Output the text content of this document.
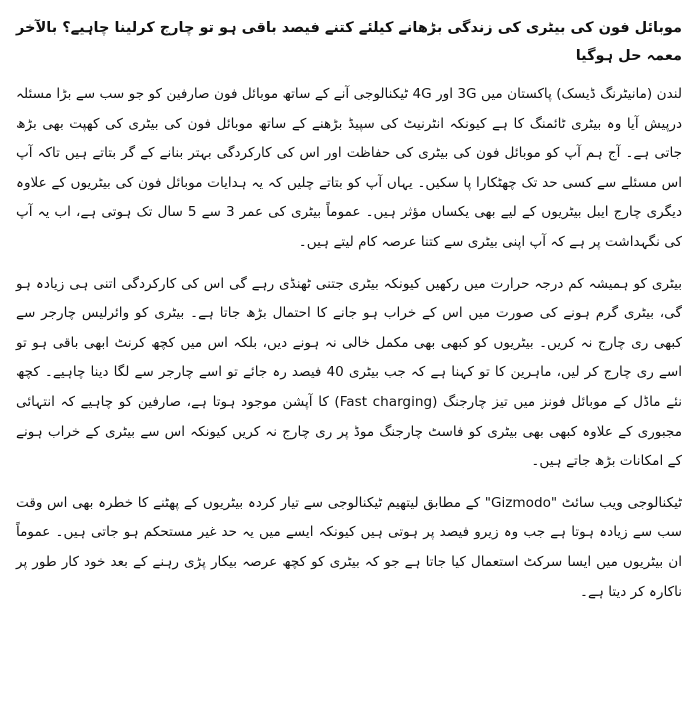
موبائل فون کی بیٹری کی زندگی بڑھانے کیلئے کتنے فیصد باقی ہو تو چارج کرلینا چاہیے؟ بالآخر معمہ حل ہوگیا

لندن (مانیٹرنگ ڈیسک) پاکستان میں 3G اور 4G ٹیکنالوجی آنے کے ساتھ موبائل فون صارفین کو جو سب سے بڑا مسئلہ درپیش آیا وہ بیٹری ٹائمنگ کا ہے کیونکہ انٹرنیٹ کی سپیڈ بڑھنے کے ساتھ موبائل فون کی بیٹری کی کھپت بھی بڑھ جاتی ہے۔ آج ہم آپ کو موبائل فون کی بیٹری کی حفاظت اور اس کی کارکردگی بہتر بنانے کے گر بتاتے ہیں تاکہ آپ اس مسئلے سے کسی حد تک چھٹکارا پا سکیں۔ یہاں آپ کو بتاتے چلیں کہ یہ ہدایات موبائل فون کی بیٹریوں کے علاوہ دیگری چارج ایبل بیٹریوں کے لیے بھی یکساں مؤثر ہیں۔ عموماً بیٹری کی عمر 3 سے 5 سال تک ہوتی ہے، اب یہ آپ کی نگہداشت پر ہے کہ آپ اپنی بیٹری سے کتنا عرصہ کام لیتے ہیں۔

بیٹری کو ہمیشہ کم درجہ حرارت میں رکھیں کیونکہ بیٹری جتنی ٹھنڈی رہے گی اس کی کارکردگی اتنی ہی زیادہ ہو گی، بیٹری گرم ہونے کی صورت میں اس کے خراب ہو جانے کا احتمال بڑھ جاتا ہے۔ بیٹری کو وائرلیس چارجر سے کبھی ری چارج نہ کریں۔ بیٹریوں کو کبھی بھی مکمل خالی نہ ہونے دیں، بلکہ اس میں کچھ کرنٹ ابھی باقی ہو تو اسے ری چارج کر لیں، ماہرین کا تو کہنا ہے کہ جب بیٹری 40 فیصد رہ جائے تو اسے چارجر سے لگا دینا چاہیے۔ کچھ نئے ماڈل کے موبائل فونز میں تیز چارجنگ (Fast charging) کا آپشن موجود ہوتا ہے، صارفین کو چاہیے کہ انتہائی مجبوری کے علاوہ کبھی بھی بیٹری کو فاسٹ چارجنگ موڈ پر ری چارج نہ کریں کیونکہ اس سے بیٹری کے خراب ہونے کے امکانات بڑھ جاتے ہیں۔

ٹیکنالوجی ویب سائٹ "Gizmodo" کے مطابق لیتھیم ٹیکنالوجی سے تیار کردہ بیٹریوں کے پھٹنے کا خطرہ بھی اس وقت سب سے زیادہ ہوتا ہے جب وہ زیرو فیصد پر ہوتی ہیں کیونکہ ایسے میں یہ حد غیر مستحکم ہو جاتی ہیں۔ عموماً ان بیٹریوں میں ایسا سرکٹ استعمال کیا جاتا ہے جو کہ بیٹری کو کچھ عرصہ بیکار پڑی رہنے کے بعد خود کار طور پر ناکارہ کر دیتا ہے۔
